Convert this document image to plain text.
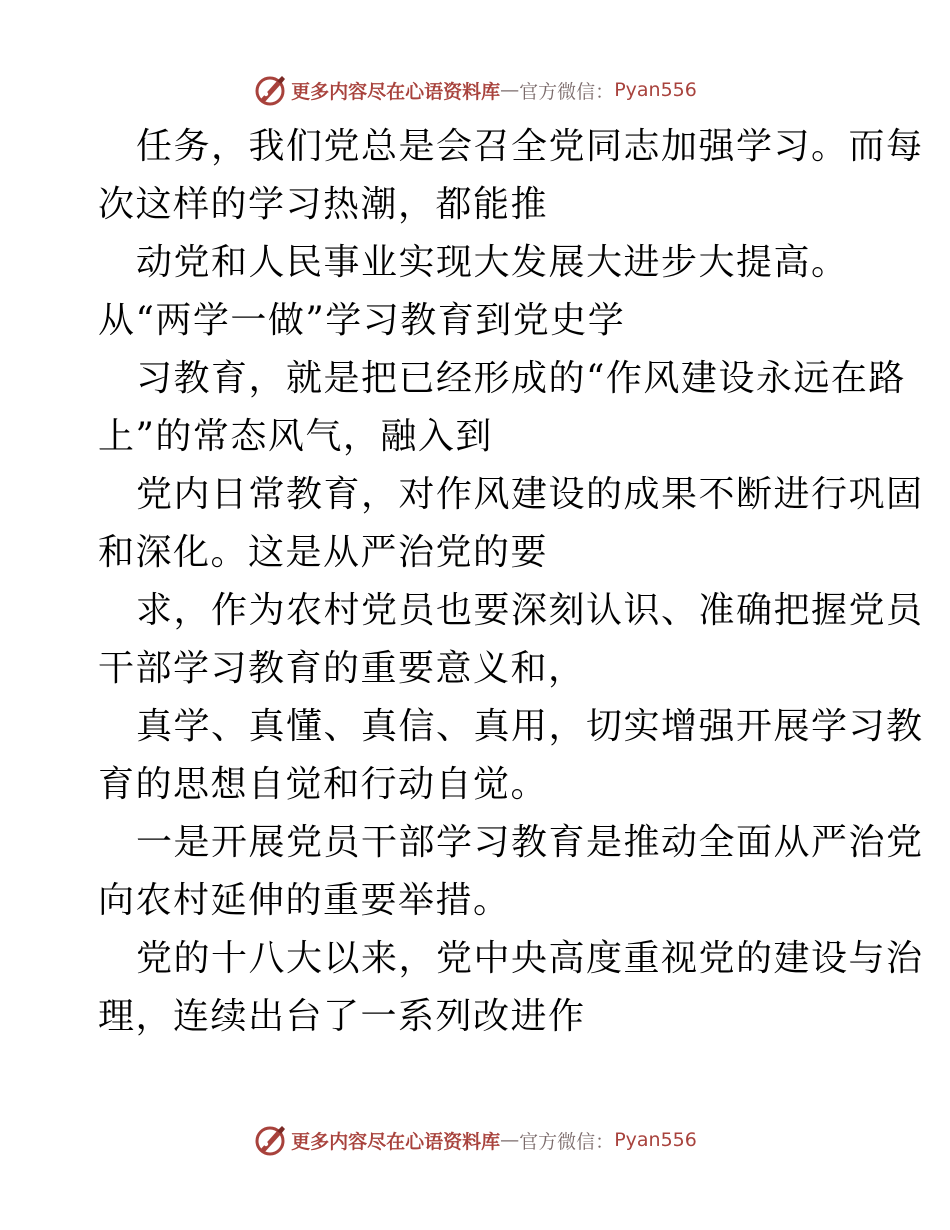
更多内容尽在心语资料库 — 官方微信： Pyan556
任务，我们党总是会召全党同志加强学习。而每
次这样的学习热潮，都能推
动党和人民事业实现大发展大进步大提高。
从“两学一做”学习教育到党史学
习教育，就是把已经形成的“作风建设永远在路
上”的常态风气，融入到
党内日常教育，对作风建设的成果不断进行巩固
和深化。这是从严治党的要
求，作为农村党员也要深刻认识、准确把握党员
干部学习教育的重要意义和，
真学、真懂、真信、真用，切实增强开展学习教
育的思想自觉和行动自觉。
一是开展党员干部学习教育是推动全面从严治党
向农村延伸的重要举措。
党的十八大以来，党中央高度重视党的建设与治
理，连续出台了一系列改进作
更多内容尽在心语资料库 — 官方微信： Pyan556
